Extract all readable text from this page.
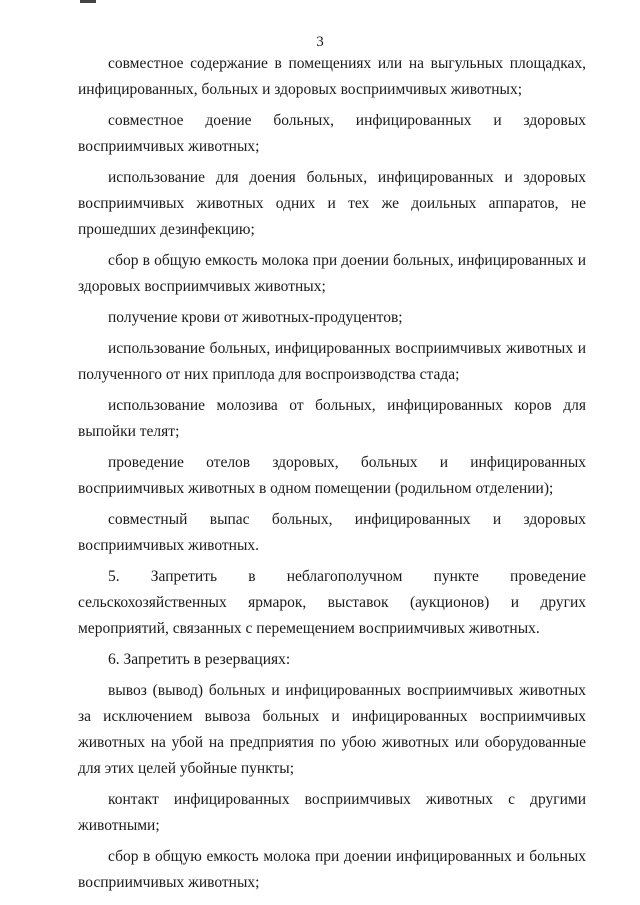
3

совместное содержание в помещениях или на выгульных площадках, инфицированных, больных и здоровых восприимчивых животных;

совместное доение больных, инфицированных и здоровых восприимчивых животных;

использование для доения больных, инфицированных и здоровых восприимчивых животных одних и тех же доильных аппаратов, не прошедших дезинфекцию;

сбор в общую емкость молока при доении больных, инфицированных и здоровых восприимчивых животных;

получение крови от животных-продуцентов;

использование больных, инфицированных восприимчивых животных и полученного от них приплода для воспроизводства стада;

использование молозива от больных, инфицированных коров для выпойки телят;

проведение отелов здоровых, больных и инфицированных восприимчивых животных в одном помещении (родильном отделении);

совместный выпас больных, инфицированных и здоровых восприимчивых животных.

5. Запретить в неблагополучном пункте проведение сельскохозяйственных ярмарок, выставок (аукционов) и других мероприятий, связанных с перемещением восприимчивых животных.

6. Запретить в резервациях:

вывоз (вывод) больных и инфицированных восприимчивых животных за исключением вывоза больных и инфицированных восприимчивых животных на убой на предприятия по убою животных или оборудованные для этих целей убойные пункты;

контакт инфицированных восприимчивых животных с другими животными;

сбор в общую емкость молока при доении инфицированных и больных восприимчивых животных;
